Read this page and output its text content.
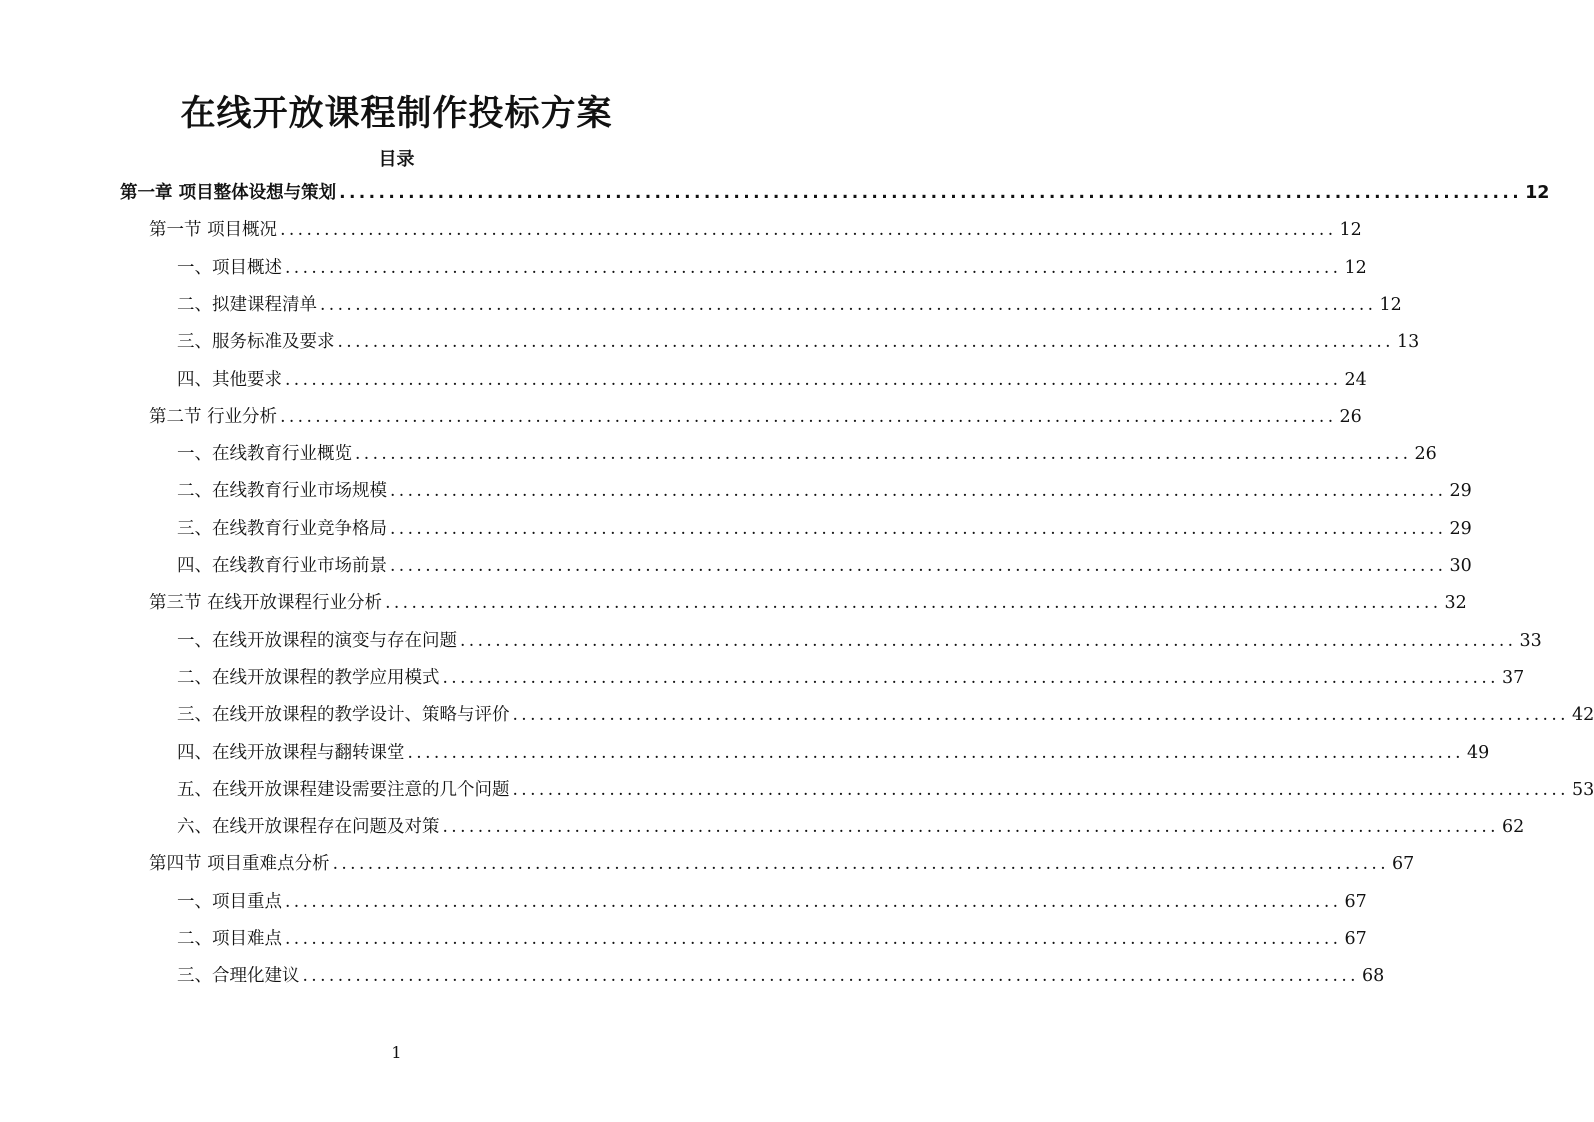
在线开放课程制作投标方案
目录
第一章 项目整体设想与策划 ........................................................................................................................ 12
第一节 项目概况 ........................................................................................................................ 12
一、项目概述 ........................................................................................................................ 12
二、拟建课程清单 ........................................................................................................................ 12
三、服务标准及要求 ........................................................................................................................ 13
四、其他要求 ........................................................................................................................ 24
第二节 行业分析 ........................................................................................................................ 26
一、在线教育行业概览 ........................................................................................................................ 26
二、在线教育行业市场规模 ........................................................................................................................ 29
三、在线教育行业竞争格局 ........................................................................................................................ 29
四、在线教育行业市场前景 ........................................................................................................................ 30
第三节 在线开放课程行业分析 ........................................................................................................................ 32
一、在线开放课程的演变与存在问题 ........................................................................................................................ 33
二、在线开放课程的教学应用模式 ........................................................................................................................ 37
三、在线开放课程的教学设计、策略与评价 ........................................................................................................................ 42
四、在线开放课程与翻转课堂 ........................................................................................................................ 49
五、在线开放课程建设需要注意的几个问题 ........................................................................................................................ 53
六、在线开放课程存在问题及对策 ........................................................................................................................ 62
第四节 项目重难点分析 ........................................................................................................................ 67
一、项目重点 ........................................................................................................................ 67
二、项目难点 ........................................................................................................................ 67
三、合理化建议 ........................................................................................................................ 68
1
